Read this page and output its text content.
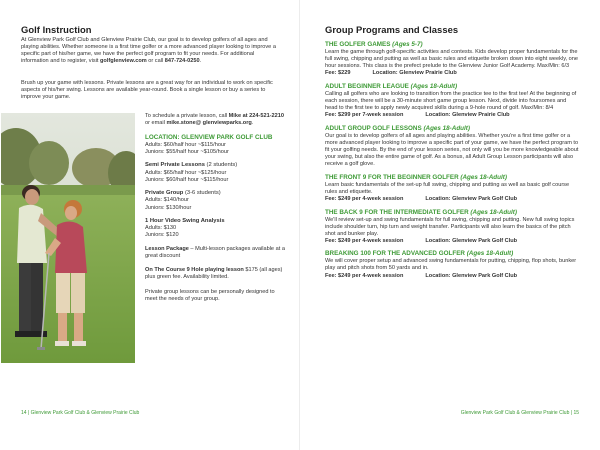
Golf Instruction

At Glenview Park Golf Club and Glenview Prairie Club, our goal is to develop golfers of all ages and playing abilities. Whether someone is a first time golfer or a more advanced player looking to improve a specific part of his/her game, we have the perfect golf program to fit your needs. For additional information and to register, visit golfglenview.com or call 847-724-0250.

Brush up your game with lessons. Private lessons are a great way for an individual to work on specific aspects of his/her swing. Lessons are available year-round. Book a single lesson or buy a series to improve your game.

To schedule a private lesson, call Mike at 224-521-2210 or email mike.stone@ glenviewparks.org.
LOCATION: GLENVIEW PARK GOLF CLUB
Adults: $60/half hour ~$115/hour
Juniors: $55/half hour ~$105/hour
Semi Private Lessons (2 students)
Adults: $65/half hour ~$125/hour
Juniors: $60/half hour ~$115/hour
Private Group (3-6 students)
Adults: $140/hour
Juniors: $130/hour
1 Hour Video Swing Analysis
Adults: $130
Juniors: $120
Lesson Package – Multi-lesson packages available at a great discount
On The Course 9 Hole playing lesson $175 (all ages) plus green fee. Availability limited.
Private group lessons can be personally designed to meet the needs of your group.
14 | Glenview Park Golf Club & Glenview Prairie Club
Group Programs and Classes

THE GOLFER GAMES (Ages 5-7)

Learn the game through golf-specific activities and contests. Kids develop proper fundamentals for the full swing, chipping and putting as well as basic rules and etiquette broken down into eight weekly, one hour sessions. This class is the prefect prelude to the Glenview Junior Golf Academy. Max/Min: 6/3

Fee: $229	Location: Glenview Prairie Club

ADULT BEGINNER LEAGUE (Ages 18-Adult)

Calling all golfers who are looking to transition from the practice tee to the first tee! At the beginning of each session, there will be a 30-minute short game group lesson. Next, divide into foursomes and head to the first tee to apply newly acquired skills during a 9-hole round of golf. Max/Min: 8/4

Fee: $299 per 7-week session	Location: Glenview Prairie Club

ADULT GROUP GOLF LESSONS (Ages 18-Adult)

Our goal is to develop golfers of all ages and playing abilities. Whether you're a first time golfer or a more advanced player looking to improve a specific part of your game, we have the perfect program to fit your golfing needs. By the end of your lesson series, not only will you be more knowledgeable about your swing, but also the entire game of golf. As a bonus, all Adult Group Lesson participants will also receive a golf glove.

THE FRONT 9 FOR THE BEGINNER GOLFER (Ages 18-Adult)

Learn basic fundamentals of the set-up full swing, chipping and putting as well as basic golf course rules and etiquette.

Fee: $249 per 4-week session	Location: Glenview Park Golf Club

THE BACK 9 FOR THE INTERMEDIATE GOLFER (Ages 18-Adult)

We'll review set-up and swing fundamentals for full swing, chipping and putting. New full swing topics include shoulder turn, hip turn and weight transfer. Participants will also learn the basics of the pitch shot and bunker play.

Fee: $249 per 4-week session	Location: Glenview Park Golf Club

BREAKING 100 FOR THE ADVANCED GOLFER (Ages 18-Adult)

We will cover proper setup and advanced swing fundamentals for putting, chipping, flop shots, bunker play and pitch shots from 50 yards and in.

Fee: $249 per 4-week session	Location: Glenview Park Golf Club

Glenview Park Golf Club & Glenview Prairie Club | 15
